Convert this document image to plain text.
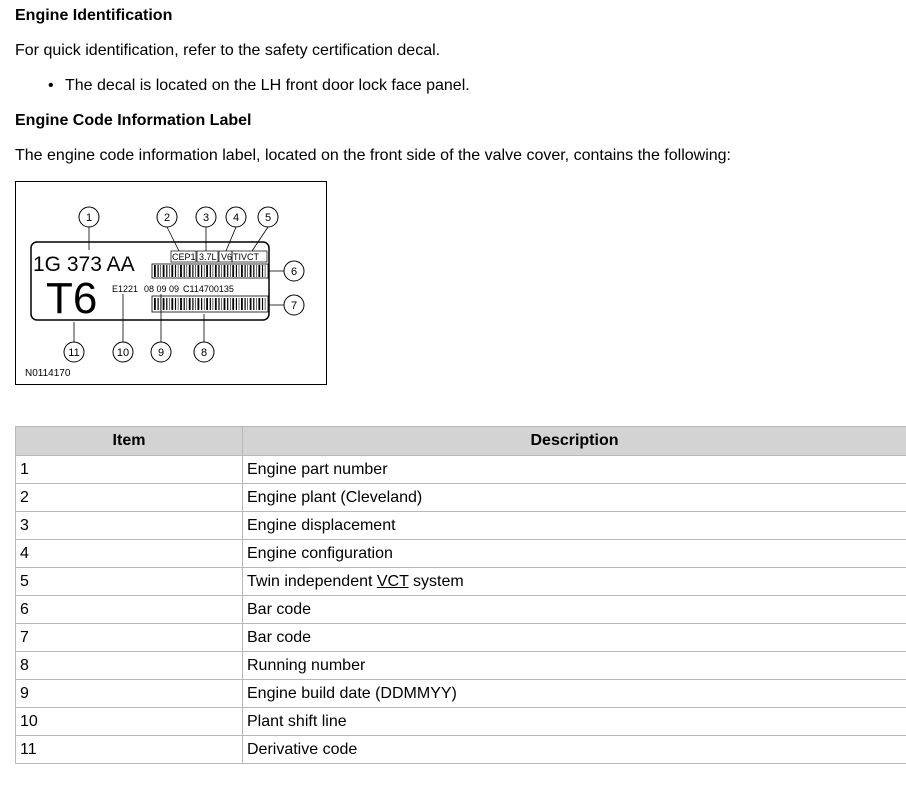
Engine Identification

For quick identification, refer to the safety certification decal.

• The decal is located on the LH front door lock face panel.
Engine Code Information Label

The engine code information label, located on the front side of the valve cover, contains the following:

1G 373 AA
T6
CEP1 3.7L V6 TIVCT
E1221 08 09 09 C114700135
1	2	3 4 5
6
7
8
9
10
11
N0114170
Item	Description
1	Engine part number
2	Engine plant (Cleveland)
3	Engine displacement
4	Engine configuration
5	Twin independent VCT system
6	Bar code
7	Bar code
8	Running number
9	Engine build date (DDMMYY)
10	Plant shift line
11	Derivative code
